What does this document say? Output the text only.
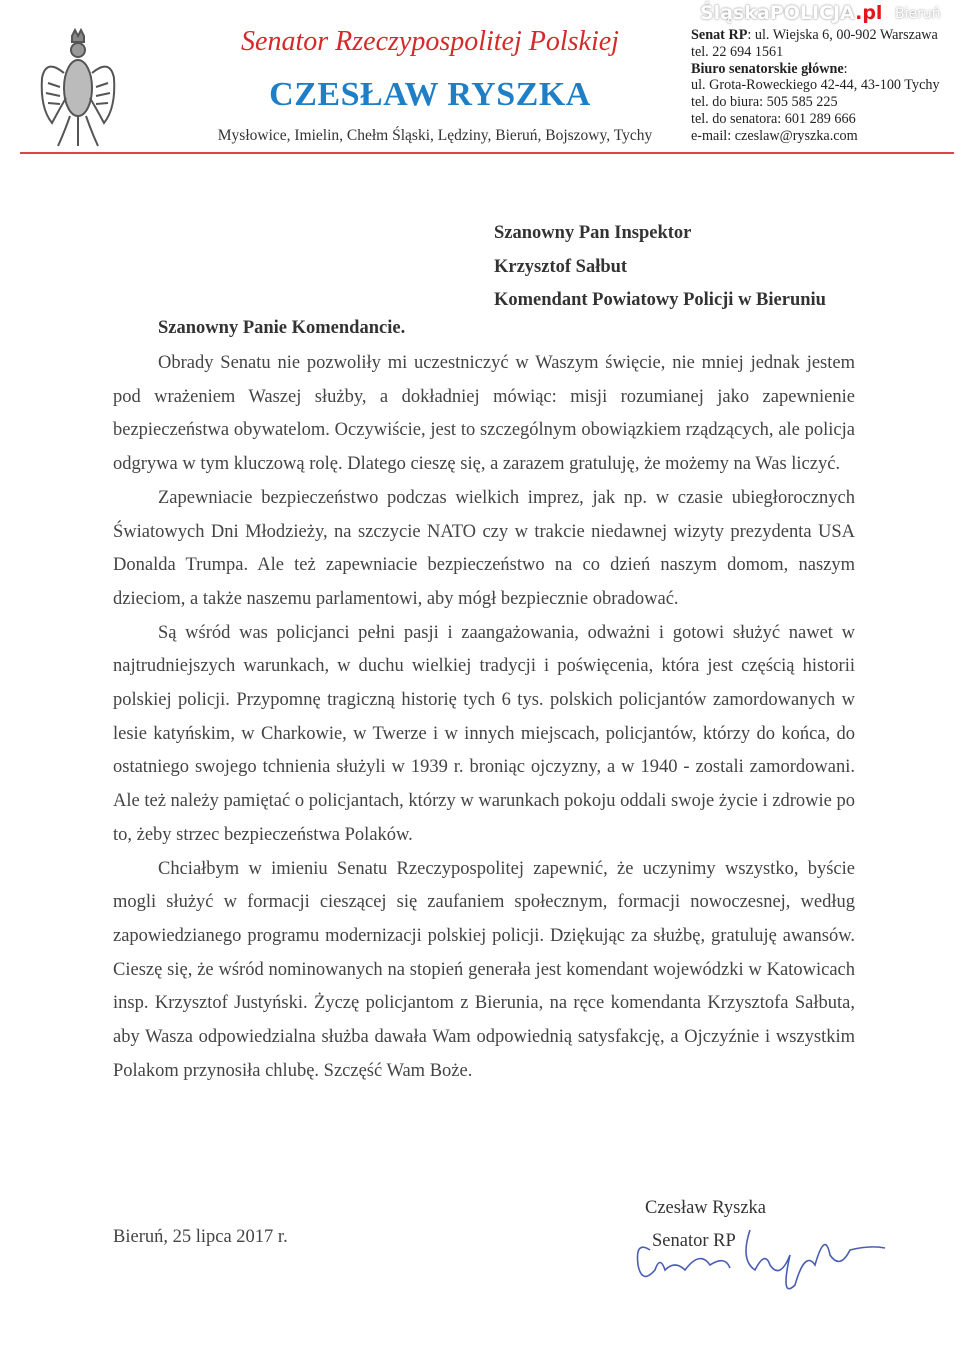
Senator Rzeczypospolitej Polskiej
CZESŁAW RYSZKA
Mysłowice, Imielin, Chełm Śląski, Lędziny, Bieruń, Bojszowy, Tychy
Senat RP: ul. Wiejska 6, 00-902 Warszawa
tel. 22 694 1561
Biuro senatorskie główne:
ul. Grota-Roweckiego 42-44, 43-100 Tychy
tel. do biura: 505 585 225
tel. do senatora: 601 289 666
e-mail: czeslaw@ryszka.com
ŚląskaPOLICJA.pl Bieruń
Szanowny Pan Inspektor
Krzysztof Sałbut
Komendant Powiatowy Policji w Bieruniu
Szanowny Panie Komendancie.

Obrady Senatu nie pozwoliły mi uczestniczyć w Waszym święcie, nie mniej jednak jestem pod wrażeniem Waszej służby, a dokładniej mówiąc: misji rozumianej jako zapewnienie bezpieczeństwa obywatelom. Oczywiście, jest to szczególnym obowiązkiem rządzących, ale policja odgrywa w tym kluczową rolę. Dlatego cieszę się, a zarazem gratuluję, że możemy na Was liczyć.

Zapewniacie bezpieczeństwo podczas wielkich imprez, jak np. w czasie ubiegłorocznych Światowych Dni Młodzieży, na szczycie NATO czy w trakcie niedawnej wizyty prezydenta USA Donalda Trumpa. Ale też zapewniacie bezpieczeństwo na co dzień naszym domom, naszym dzieciom, a także naszemu parlamentowi, aby mógł bezpiecznie obradować.

Są wśród was policjanci pełni pasji i zaangażowania, odważni i gotowi służyć nawet w najtrudniejszych warunkach, w duchu wielkiej tradycji i poświęcenia, która jest częścią historii polskiej policji. Przypomnę tragiczną historię tych 6 tys. polskich policjantów zamordowanych w lesie katyńskim, w Charkowie, w Twerze i w innych miejscach, policjantów, którzy do końca, do ostatniego swojego tchnienia służyli w 1939 r. broniąc ojczyzny, a w 1940 - zostali zamordowani. Ale też należy pamiętać o policjantach, którzy w warunkach pokoju oddali swoje życie i zdrowie po to, żeby strzec bezpieczeństwa Polaków.

Chciałbym w imieniu Senatu Rzeczypospolitej zapewnić, że uczynimy wszystko, byście mogli służyć w formacji cieszącej się zaufaniem społecznym, formacji nowoczesnej, według zapowiedzianego programu modernizacji polskiej policji. Dziękując za służbę, gratuluję awansów. Cieszę się, że wśród nominowanych na stopień generała jest komendant wojewódzki w Katowicach insp. Krzysztof Justyński. Życzę policjantom z Bierunia, na ręce komendanta Krzysztofa Sałbuta, aby Wasza odpowiedzialna służba dawała Wam odpowiednią satysfakcję, a Ojczyźnie i wszystkim Polakom przynosiła chlubę. Szczęść Wam Boże.

Bieruń, 25 lipca 2017 r.
Czesław Ryszka
Senator RP
